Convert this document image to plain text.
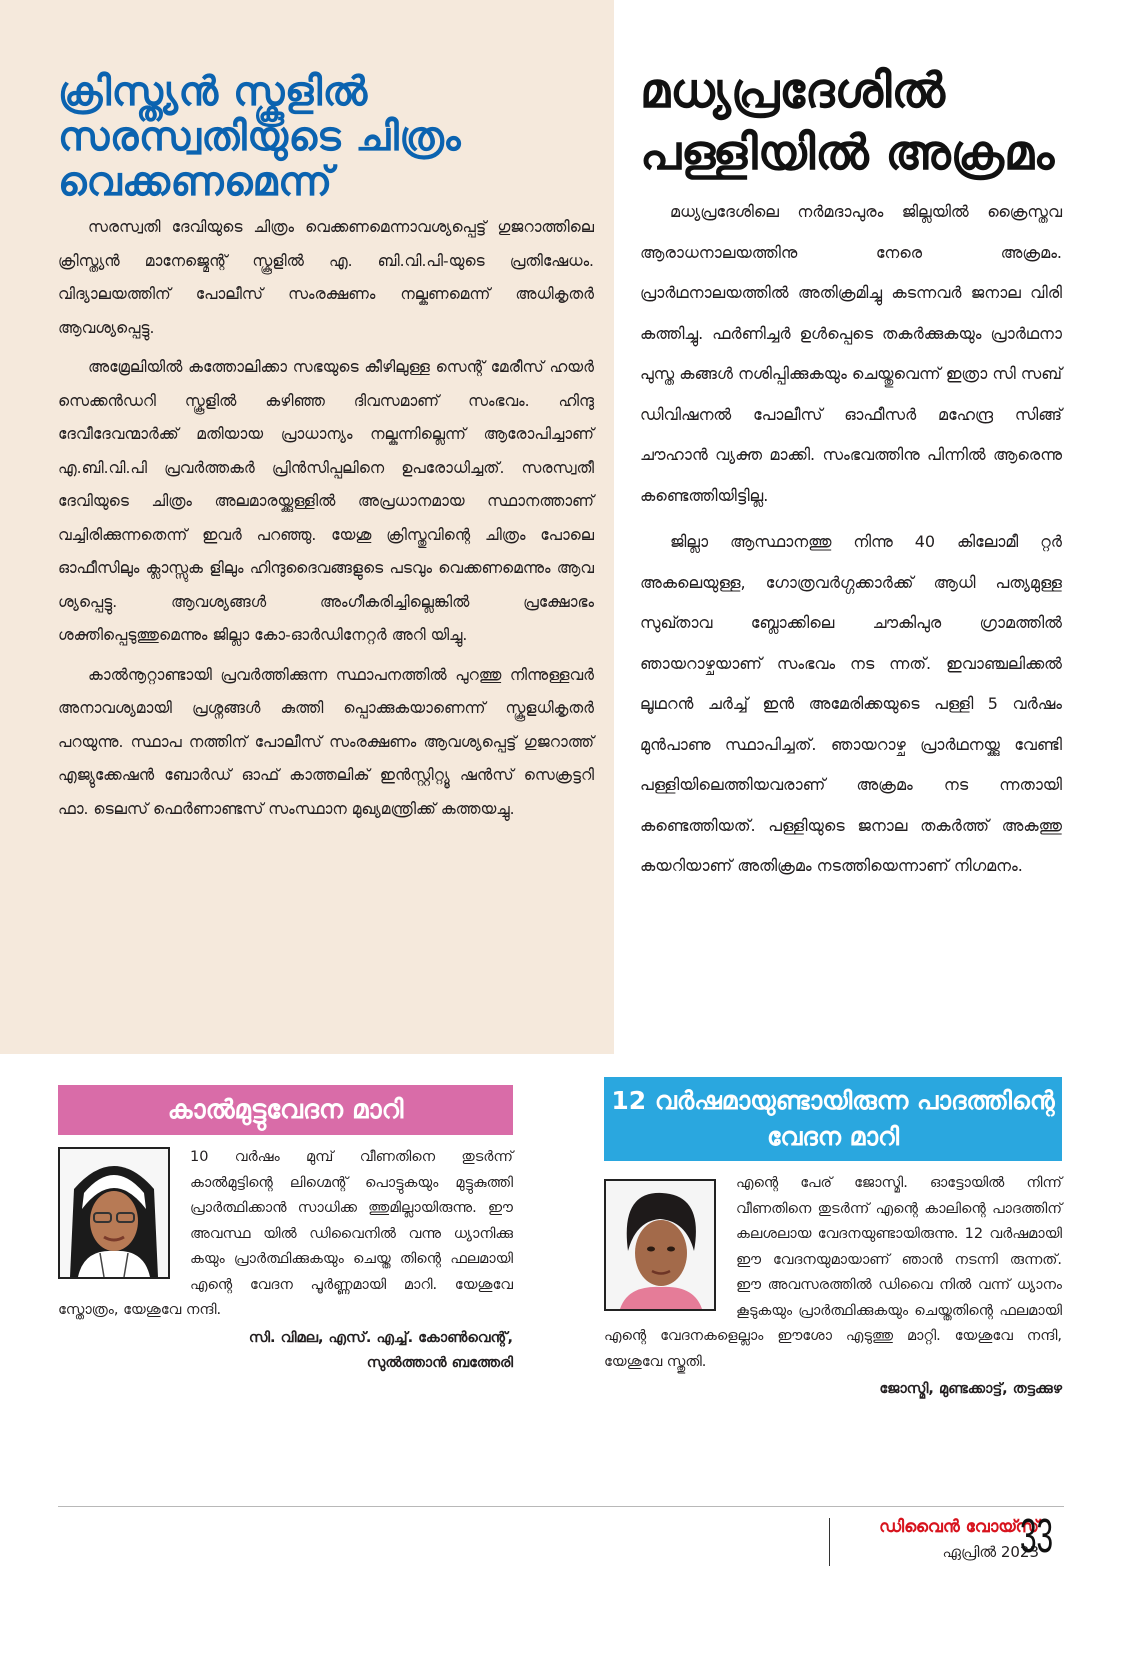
ക്രിസ്ത്യൻ സ്കൂളിൽ സരസ്വതിയുടെ ചിത്രം വെക്കണമെന്ന്

സരസ്വതി ദേവിയുടെ ചിത്രം വെക്കണമെന്നാവശ്യപ്പെട്ട് ഗുജറാത്തിലെ ക്രിസ്ത്യൻ മാനേജ്മെന്റ് സ്കൂളിൽ എ. ബി.വി.പി-യുടെ പ്രതിഷേധം. വിദ്യാലയത്തിന് പോലീസ് സംരക്ഷണം നല്കണമെന്ന് അധികൃതർ ആവശ്യപ്പെട്ടു.

അമ്രേലിയിൽ കത്തോലിക്കാ സഭയുടെ കീഴിലുള്ള സെന്റ് മേരീസ് ഹയർ സെക്കൻഡറി സ്കൂളിൽ കഴിഞ്ഞ ദിവസമാണ് സംഭവം. ഹിന്ദു ദേവീദേവന്മാർക്ക് മതിയായ പ്രാധാന്യം നല്കുന്നില്ലെന്ന് ആരോപിച്ചാണ് എ.ബി.വി.പി പ്രവർത്തകർ പ്രിൻസിപ്പലിനെ ഉപരോധിച്ചത്. സരസ്വതീ ദേവിയുടെ ചിത്രം അലമാരയ്ക്കുള്ളിൽ അപ്രധാനമായ സ്ഥാനത്താണ് വച്ചിരിക്കുന്നതെന്ന് ഇവർ പറഞ്ഞു. യേശു ക്രിസ്തുവിന്റെ ചിത്രം പോലെ ഓഫീസിലും ക്ലാസ്സുക ളിലും ഹിന്ദുദൈവങ്ങളുടെ പടവും വെക്കണമെന്നും ആവ ശ്യപ്പെട്ടു. ആവശ്യങ്ങൾ അംഗീകരിച്ചില്ലെങ്കിൽ പ്രക്ഷോഭം ശക്തിപ്പെടുത്തുമെന്നും ജില്ലാ കോ-ഓർഡിനേറ്റർ അറി യിച്ചു.

കാൽനൂറ്റാണ്ടായി പ്രവർത്തിക്കുന്ന സ്ഥാപനത്തിൽ പുറത്തു നിന്നുള്ളവർ അനാവശ്യമായി പ്രശ്നങ്ങൾ കുത്തി പ്പൊക്കുകയാണെന്ന് സ്കൂളധികൃതർ പറയുന്നു. സ്ഥാപ നത്തിന് പോലീസ് സംരക്ഷണം ആവശ്യപ്പെട്ട് ഗുജറാത്ത് എജ്യുക്കേഷൻ ബോർഡ് ഓഫ് കാത്തലിക് ഇൻസ്റ്റിറ്റ്യൂ ഷൻസ് സെക്രട്ടറി ഫാ. ടെലസ് ഫെർണാണ്ടസ് സംസ്ഥാന മുഖ്യമന്ത്രിക്ക് കത്തയച്ചു.

മധ്യപ്രദേശിൽ പള്ളിയിൽ അക്രമം

മധ്യപ്രദേശിലെ നർമദാപുരം ജില്ലയിൽ ക്രൈസ്തവ ആരാധനാലയത്തിനു നേരെ അക്രമം. പ്രാർഥനാലയത്തിൽ അതിക്രമിച്ചു കടന്നവർ ജനാല വിരി കത്തിച്ചു. ഫർണിച്ചർ ഉൾപ്പെടെ തകർക്കുകയും പ്രാർഥനാ പുസ്ത കങ്ങൾ നശിപ്പിക്കുകയും ചെയ്തുവെന്ന് ഇത്രാ സി സബ് ഡിവിഷനൽ പോലീസ് ഓഫീസർ മഹേന്ദ്ര സിങ്ങ് ചൗഹാൻ വ്യക്ത മാക്കി. സംഭവത്തിനു പിന്നിൽ ആരെന്നു കണ്ടെത്തിയിട്ടില്ല.

ജില്ലാ ആസ്ഥാനത്തു നിന്നു 40 കിലോമീ റ്റർ അകലെയുള്ള, ഗോത്രവർഗ്ഗക്കാർക്ക് ആധി പത്യമുള്ള സുഖ്താവ ബ്ലോക്കിലെ ചൗകിപുര ഗ്രാമത്തിൽ ഞായറാഴ്ചയാണ് സംഭവം നട ന്നത്. ഇവാഞ്ചലിക്കൽ ലൂഥറൻ ചർച്ച് ഇൻ അമേരിക്കയുടെ പള്ളി 5 വർഷം മുൻപാണു സ്ഥാപിച്ചത്. ഞായറാഴ്ച പ്രാർഥനയ്ക്കു വേണ്ടി പള്ളിയിലെത്തിയവരാണ് അക്രമം നട ന്നതായി കണ്ടെത്തിയത്. പള്ളിയുടെ ജനാല തകർത്ത് അകത്തു കയറിയാണ് അതിക്രമം നടത്തിയെന്നാണ് നിഗമനം.

കാൽമുട്ടുവേദന മാറി
10 വർഷം മുമ്പ് വീണതിനെ തുടർന്ന് കാൽമുട്ടിന്റെ ലിഗ്മെന്റ് പൊട്ടുകയും മുട്ടുകുത്തി പ്രാർത്ഥിക്കാൻ സാധിക്ക ത്തുമില്ലായിരുന്നു. ഈ അവസ്ഥ യിൽ ഡിവൈനിൽ വന്നു ധ്യാനിക്കു കയും പ്രാർത്ഥിക്കുകയും ചെയ്ത തിന്റെ ഫലമായി എന്റെ വേദന പൂർണ്ണമായി മാറി. യേശുവേ സ്തോത്രം, യേശുവേ നന്ദി.
സി. വിമല, എസ്. എച്ച്. കോൺവെന്റ്,
സുൽത്താൻ ബത്തേരി
12 വർഷമായുണ്ടായിരുന്ന പാദത്തിന്റെ വേദന മാറി
എന്റെ പേര് ജോസ്മി. ഓട്ടോയിൽ നിന്ന് വീണതിനെ തുടർന്ന് എന്റെ കാലിന്റെ പാദത്തിന് കലശലായ വേദനയുണ്ടായിരുന്നു. 12 വർഷമായി ഈ വേദനയുമായാണ് ഞാൻ നടന്നി രുന്നത്. ഈ അവസരത്തിൽ ഡിവൈ നിൽ വന്ന് ധ്യാനം കൂടുകയും പ്രാർത്ഥിക്കുകയും ചെയ്തതിന്റെ ഫലമായി എന്റെ വേദനകളെല്ലാം ഈശോ എടുത്തു മാറ്റി. യേശുവേ നന്ദി, യേശുവേ സ്തുതി.
ജോസ്മി, മുണ്ടക്കാട്ട്, തട്ടക്കുഴ
ഡിവൈൻ വോയ്സ്
ഏപ്രിൽ 2023
33
